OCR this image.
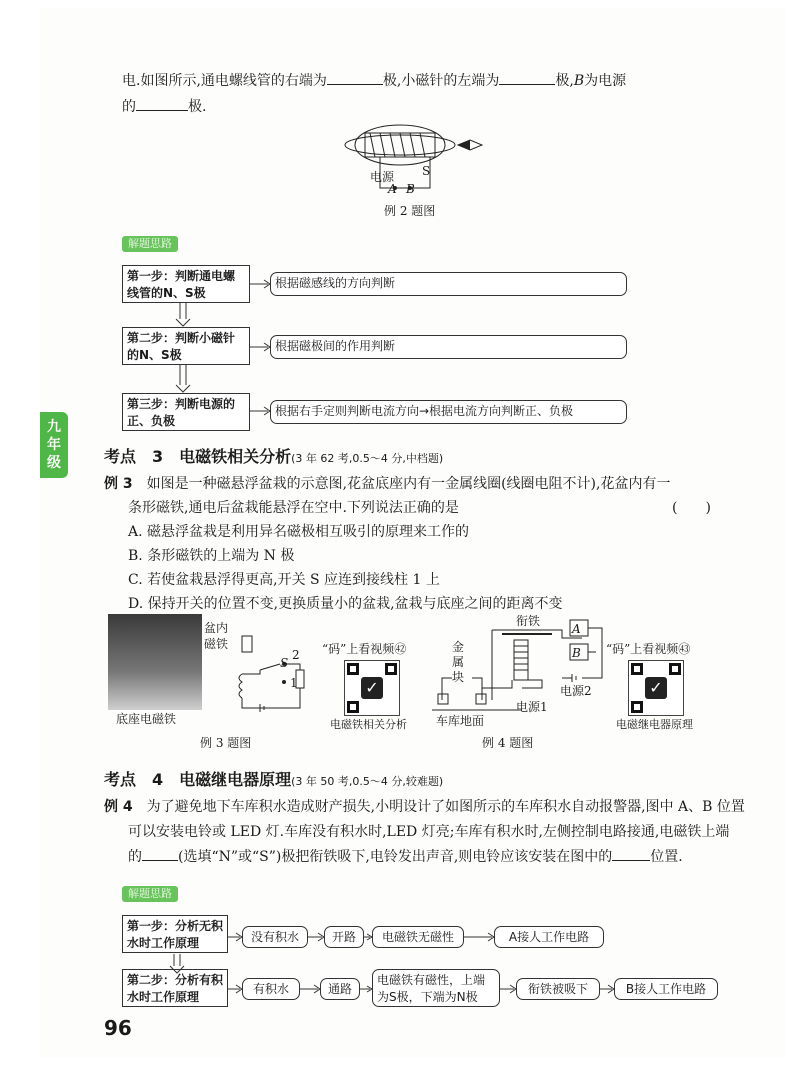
电.如图所示,通电螺线管的右端为	极,小磁针的左端为	极,B为电源
的	极.
电源 S
A B
例 2 题图
解题思路
第一步：判断通电螺线管的N、S极
根据磁感线的方向判断
第二步：判断小磁针的N、S极
根据磁极间的作用判断
第三步：判断电源的正、负极
根据右手定则判断电流方向→根据电流方向判断正、负极
九年级	考点　3　电磁铁相关分析(3 年 62 考,0.5～4 分,中档题)
例 3　 如图是一种磁悬浮盆栽的示意图,花盆底座内有一金属线圈(线圈电阻不计),花盆内有一
条形磁铁,通电后盆栽能悬浮在空中.下列说法正确的是	(　　)
A. 磁悬浮盆栽是利用异名磁极相互吸引的原理来工作的
B. 条形磁铁的上端为 N 极
C. 若使盆栽悬浮得更高,开关 S 应连到接线柱 1 上
D. 保持开关的位置不变,更换质量小的盆栽,盆栽与底座之间的距离不变
盆内磁铁
S
2
1
底座电磁铁
例 3 题图
“码”上看视频㊷
✓
电磁铁相关分析
衔铁
金属块
A
B
电源2
电源1
车库地面
例 4 题图
“码”上看视频㊸
✓
电磁继电器原理
考点　4　电磁继电器原理(3 年 50 考,0.5～4 分,较难题)
例 4　 为了避免地下车库积水造成财产损失,小明设计了如图所示的车库积水自动报警器,图中 A、B 位置
可以安装电铃或 LED 灯.车库没有积水时,LED 灯亮;车库有积水时,左侧控制电路接通,电磁铁上端
的	(选填“N”或“S”)极把衔铁吸下,电铃发出声音,则电铃应该安装在图中的	位置.
解题思路
第一步：分析无积水时工作原理	没有积水	开路	电磁铁无磁性	A接人工作电路
第二步：分析有积水时工作原理
有积水	通路
电磁铁有磁性，上端为S极，下端为N极
衔铁被吸下	B接人工作电路
96
